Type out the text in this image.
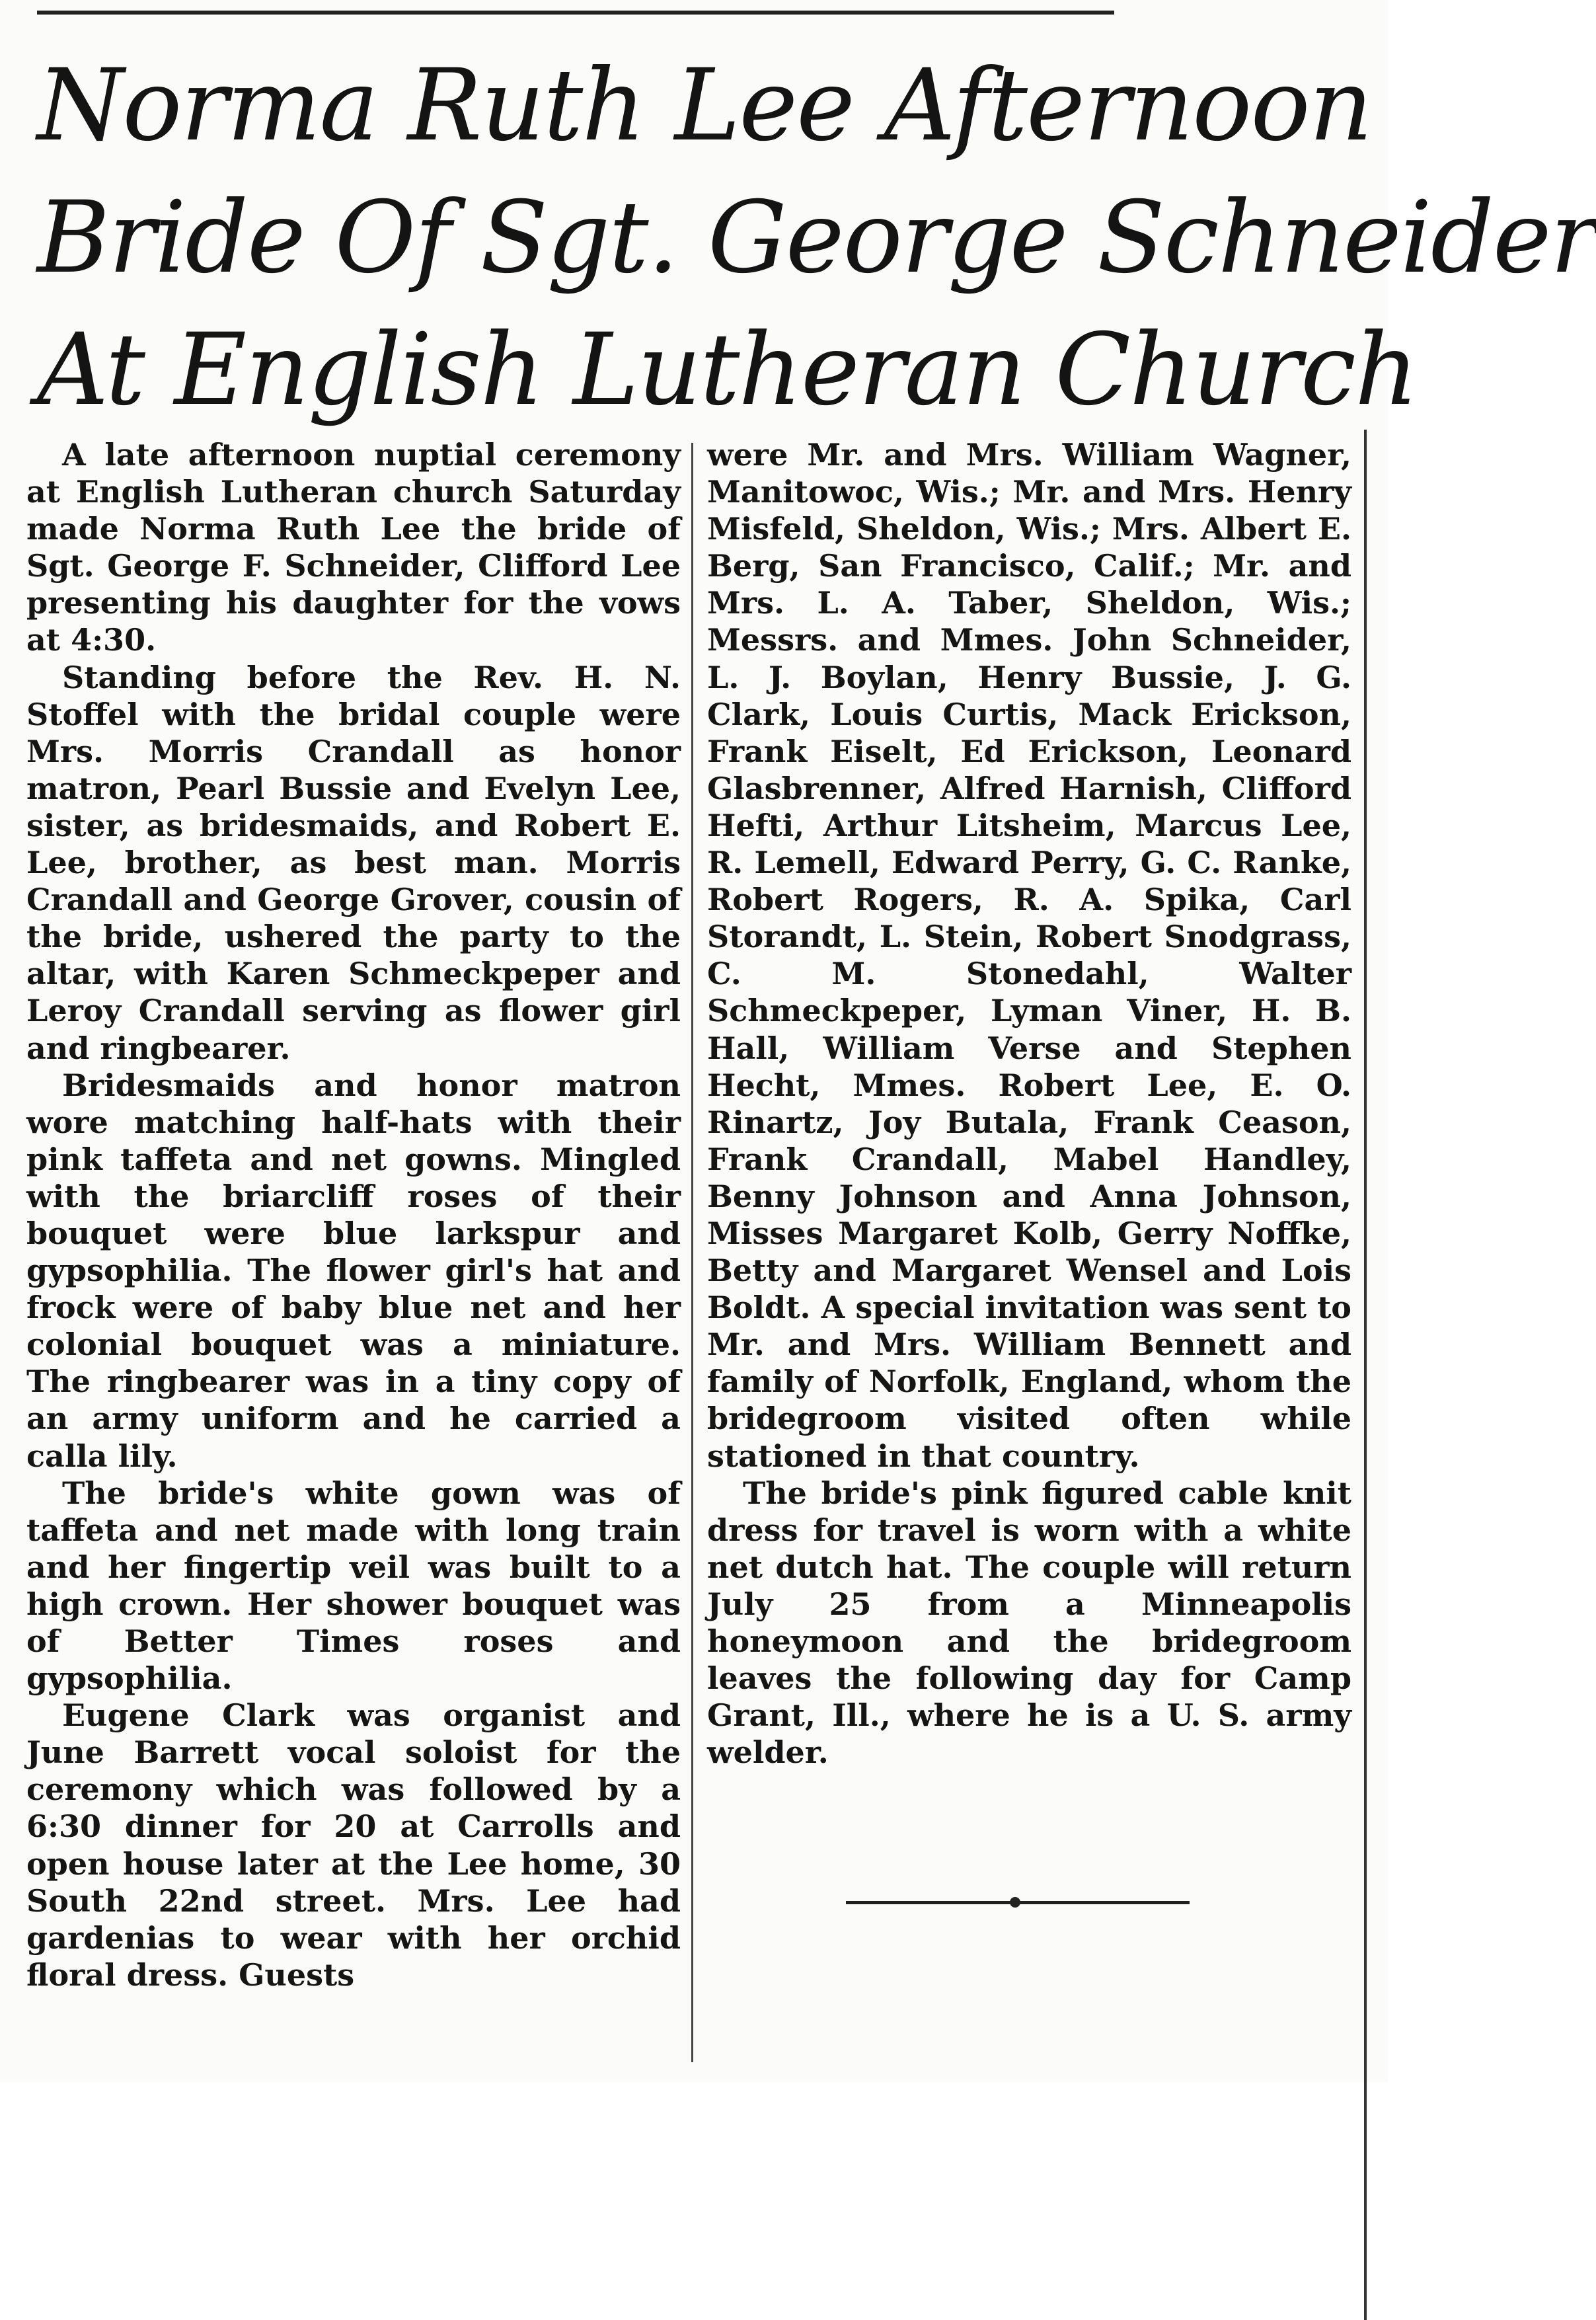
Norma Ruth Lee Afternoon
Bride Of Sgt. George Schneider
At English Lutheran Church

A late afternoon nuptial ceremony at English Lutheran church Saturday made Norma Ruth Lee the bride of Sgt. George F. Schneider, Clifford Lee presenting his daughter for the vows at 4:30.

Standing before the Rev. H. N. Stoffel with the bridal couple were Mrs. Morris Crandall as honor matron, Pearl Bussie and Evelyn Lee, sister, as bridesmaids, and Robert E. Lee, brother, as best man. Morris Crandall and George Grover, cousin of the bride, ushered the party to the altar, with Karen Schmeckpeper and Leroy Crandall serving as flower girl and ringbearer.

Bridesmaids and honor matron wore matching half-hats with their pink taffeta and net gowns. Mingled with the briarcliff roses of their bouquet were blue larkspur and gypsophilia. The flower girl's hat and frock were of baby blue net and her colonial bouquet was a miniature. The ringbearer was in a tiny copy of an army uniform and he carried a calla lily.

The bride's white gown was of taffeta and net made with long train and her fingertip veil was built to a high crown. Her shower bouquet was of Better Times roses and gypsophilia.

Eugene Clark was organist and June Barrett vocal soloist for the ceremony which was followed by a 6:30 dinner for 20 at Carrolls and open house later at the Lee home, 30 South 22nd street. Mrs. Lee had gardenias to wear with her orchid floral dress. Guests

were Mr. and Mrs. William Wagner, Manitowoc, Wis.; Mr. and Mrs. Henry Misfeld, Sheldon, Wis.; Mrs. Albert E. Berg, San Francisco, Calif.; Mr. and Mrs. L. A. Taber, Sheldon, Wis.; Messrs. and Mmes. John Schneider, L. J. Boylan, Henry Bussie, J. G. Clark, Louis Curtis, Mack Erickson, Frank Eiselt, Ed Erickson, Leonard Glasbrenner, Alfred Harnish, Clifford Hefti, Arthur Litsheim, Marcus Lee, R. Lemell, Edward Perry, G. C. Ranke, Robert Rogers, R. A. Spika, Carl Storandt, L. Stein, Robert Snodgrass, C. M. Stonedahl, Walter Schmeckpeper, Lyman Viner, H. B. Hall, William Verse and Stephen Hecht, Mmes. Robert Lee, E. O. Rinartz, Joy Butala, Frank Ceason, Frank Crandall, Mabel Handley, Benny Johnson and Anna Johnson, Misses Margaret Kolb, Gerry Noffke, Betty and Margaret Wensel and Lois Boldt. A special invitation was sent to Mr. and Mrs. William Bennett and family of Norfolk, England, whom the bridegroom visited often while stationed in that country.

The bride's pink figured cable knit dress for travel is worn with a white net dutch hat. The couple will return July 25 from a Minneapolis honeymoon and the bridegroom leaves the following day for Camp Grant, Ill., where he is a U. S. army welder.
